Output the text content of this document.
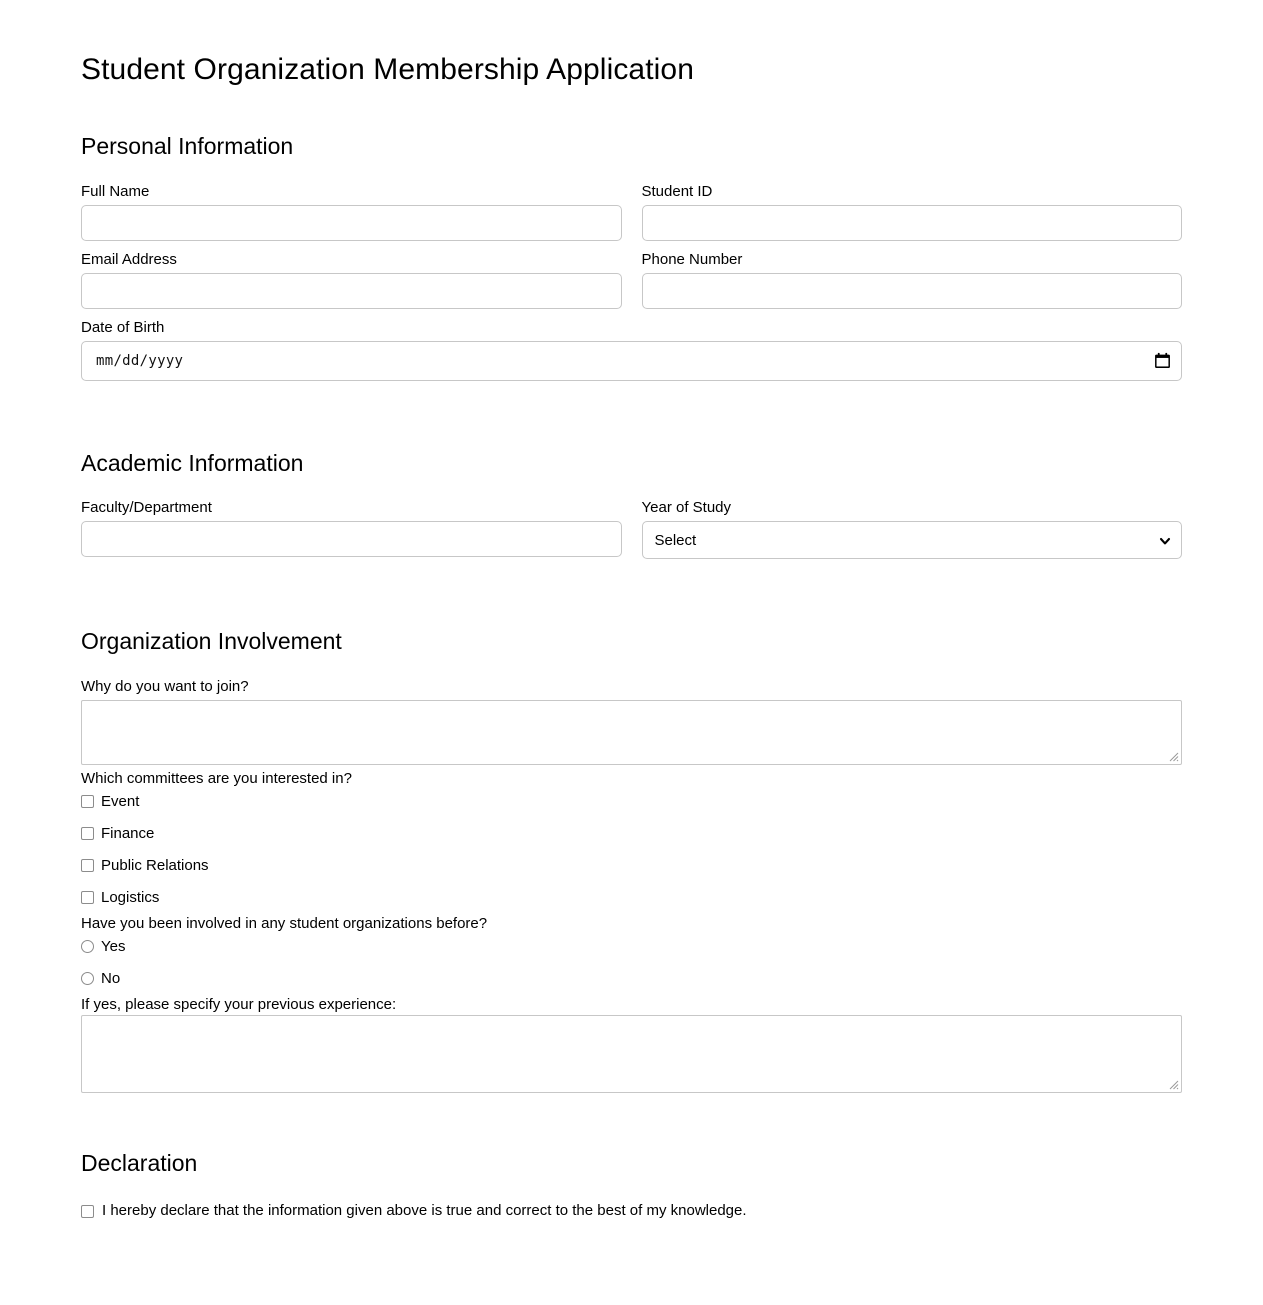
Student Organization Membership Application
Personal Information
Full Name	Student ID
Email Address	Phone Number
Date of Birth
mm/dd/yyyy
Academic Information
Faculty/Department	Year of Study
Select
Organization Involvement
Why do you want to join?
Which committees are you interested in?
Event
Finance
Public Relations
Logistics
Have you been involved in any student organizations before?
Yes
No
If yes, please specify your previous experience:
Declaration
I hereby declare that the information given above is true and correct to the best of my knowledge.
